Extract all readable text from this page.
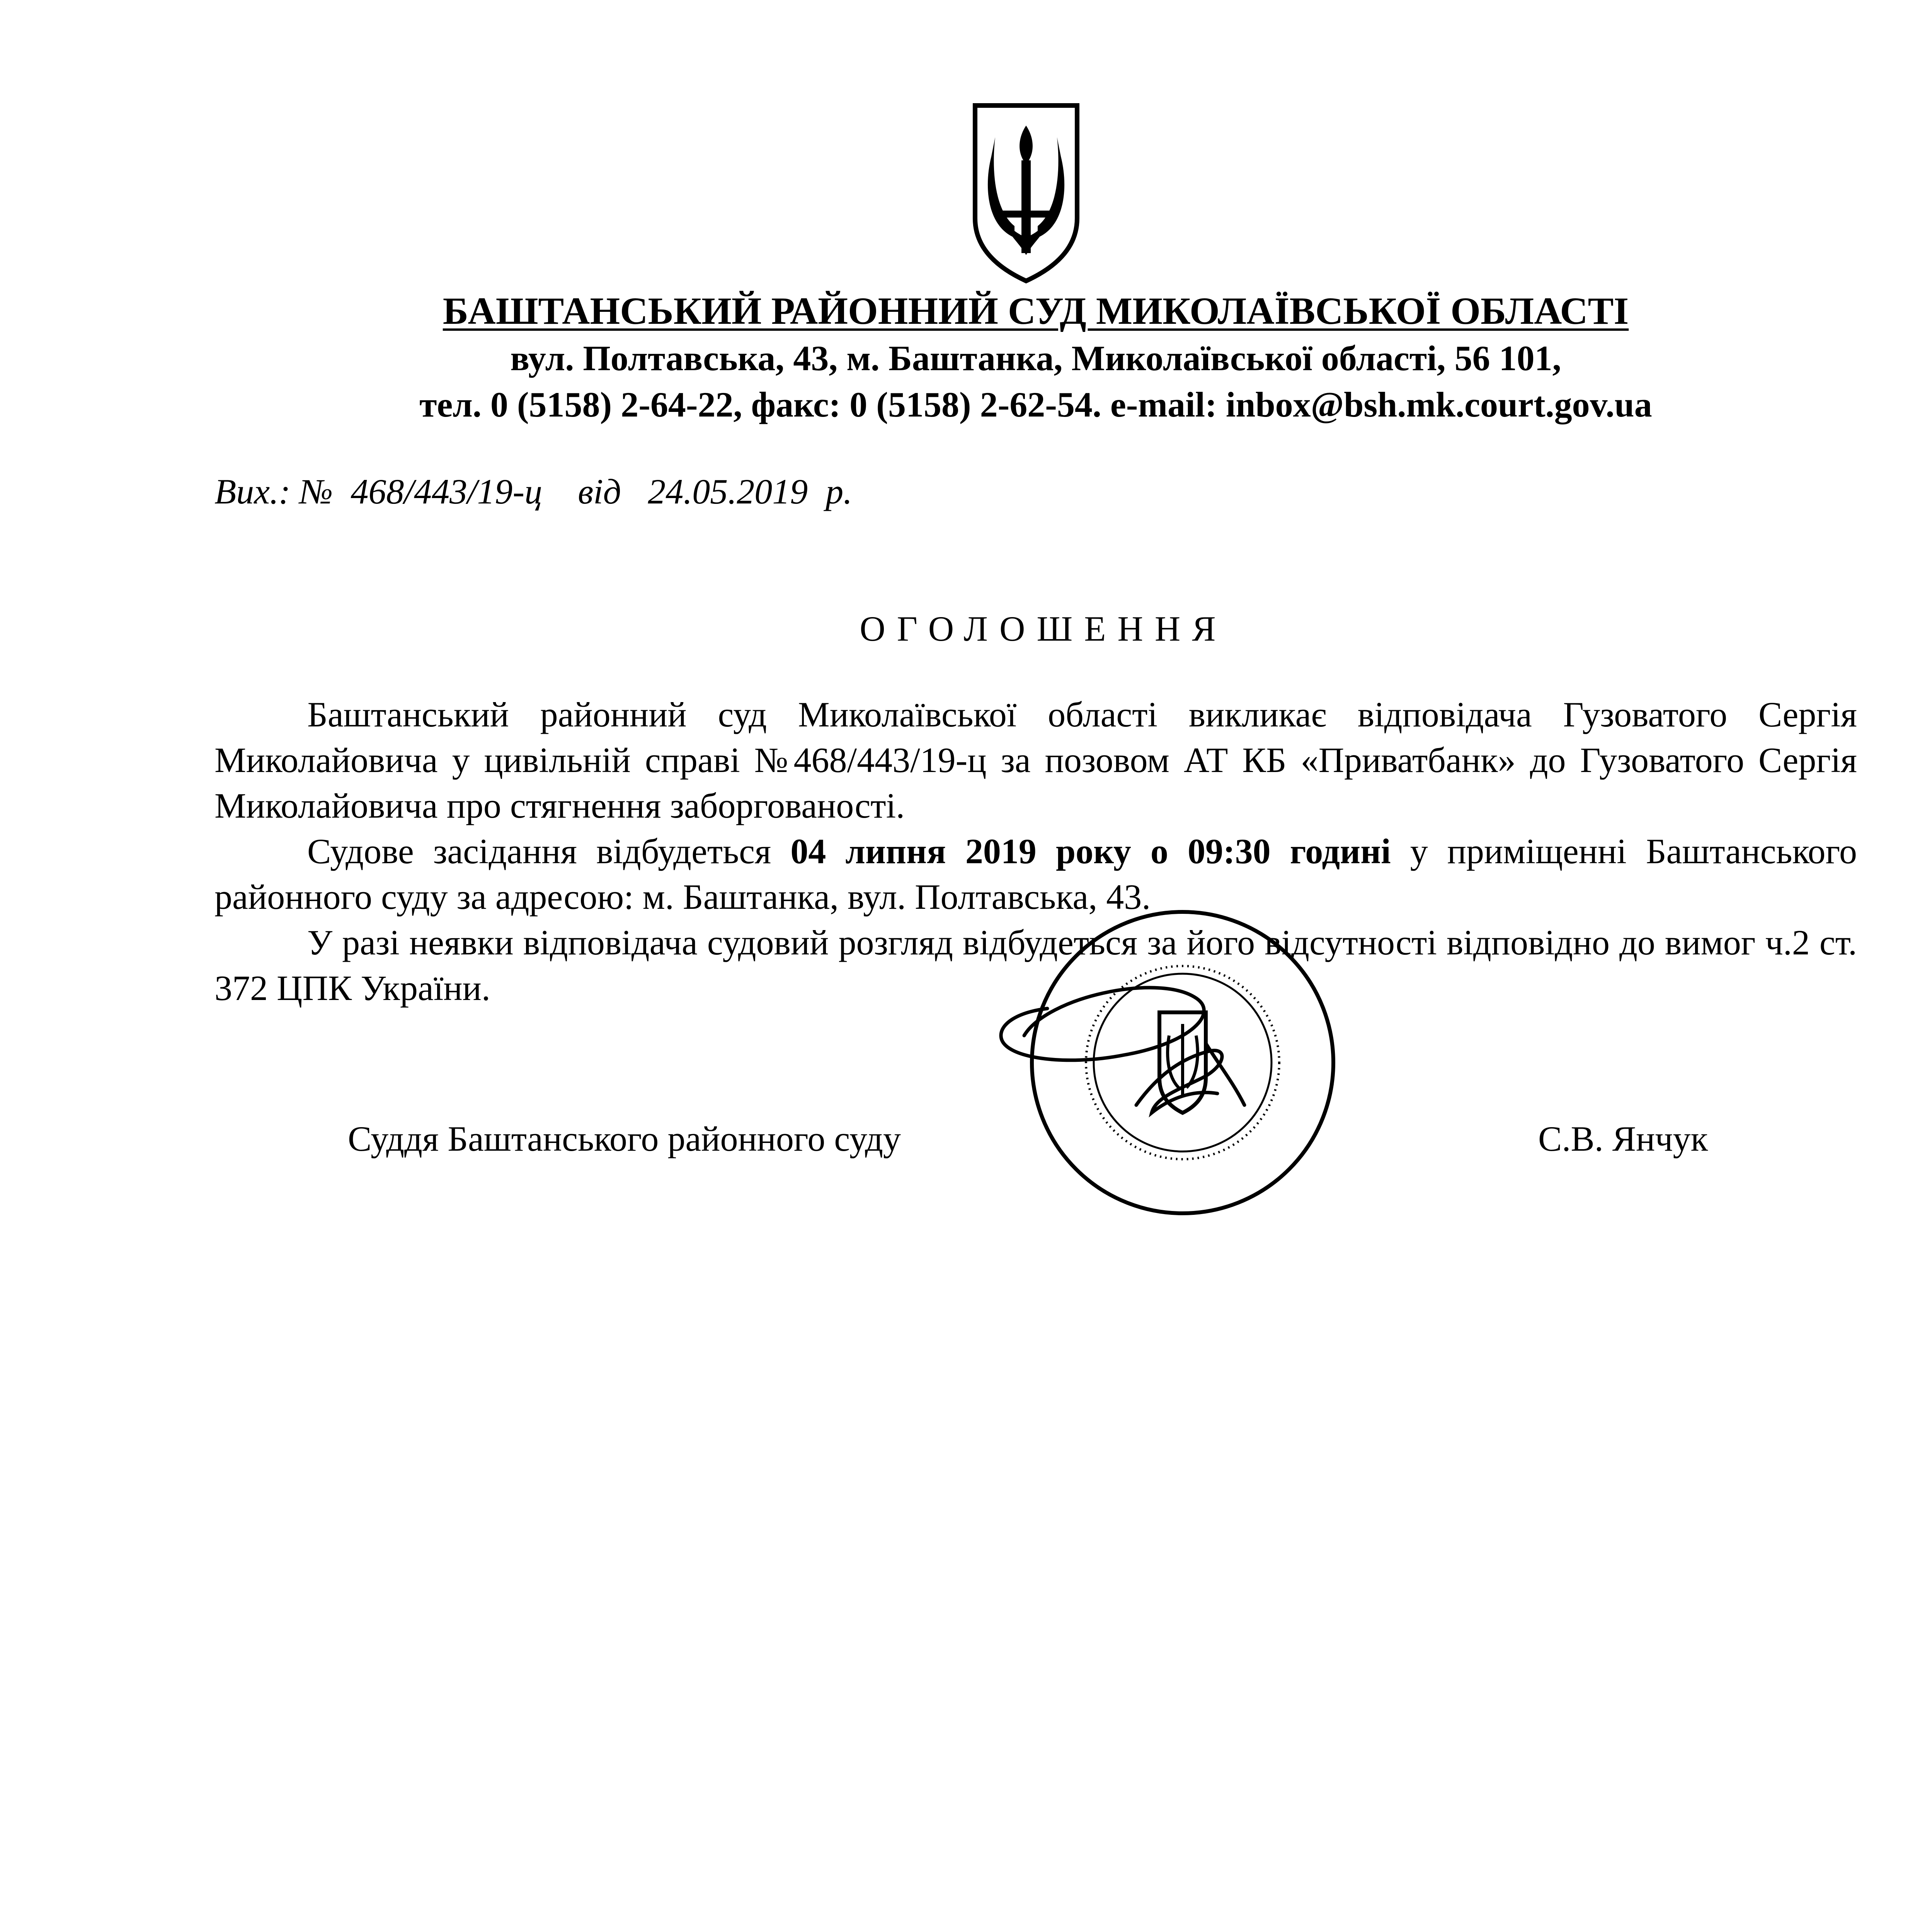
БАШТАНСЬКИЙ РАЙОННИЙ СУД МИКОЛАЇВСЬКОЇ ОБЛАСТІ
вул. Полтавська, 43, м. Баштанка, Миколаївської області, 56 101,
тел. 0 (5158) 2-64-22, факс: 0 (5158) 2-62-54. e-mail: inbox@bsh.mk.court.gov.ua
Вих.: № 468/443/19-ц від 24.05.2019 р.
ОГОЛОШЕННЯ

Баштанський районний суд Миколаївської області викликає відповідача Гузоватого Сергія Миколайовича у цивільній справі №468/443/19-ц за позовом АТ КБ «Приватбанк» до Гузоватого Сергія Миколайовича про стягнення заборгованості.

Судове засідання відбудеться 04 липня 2019 року о 09:30 годині у приміщенні Баштанського районного суду за адресою: м. Баштанка, вул. Полтавська, 43.

У разі неявки відповідача судовий розгляд відбудеться за його відсутності відповідно до вимог ч.2 ст. 372 ЦПК України.

Суддя Баштанського районного суду	С.В. Янчук
